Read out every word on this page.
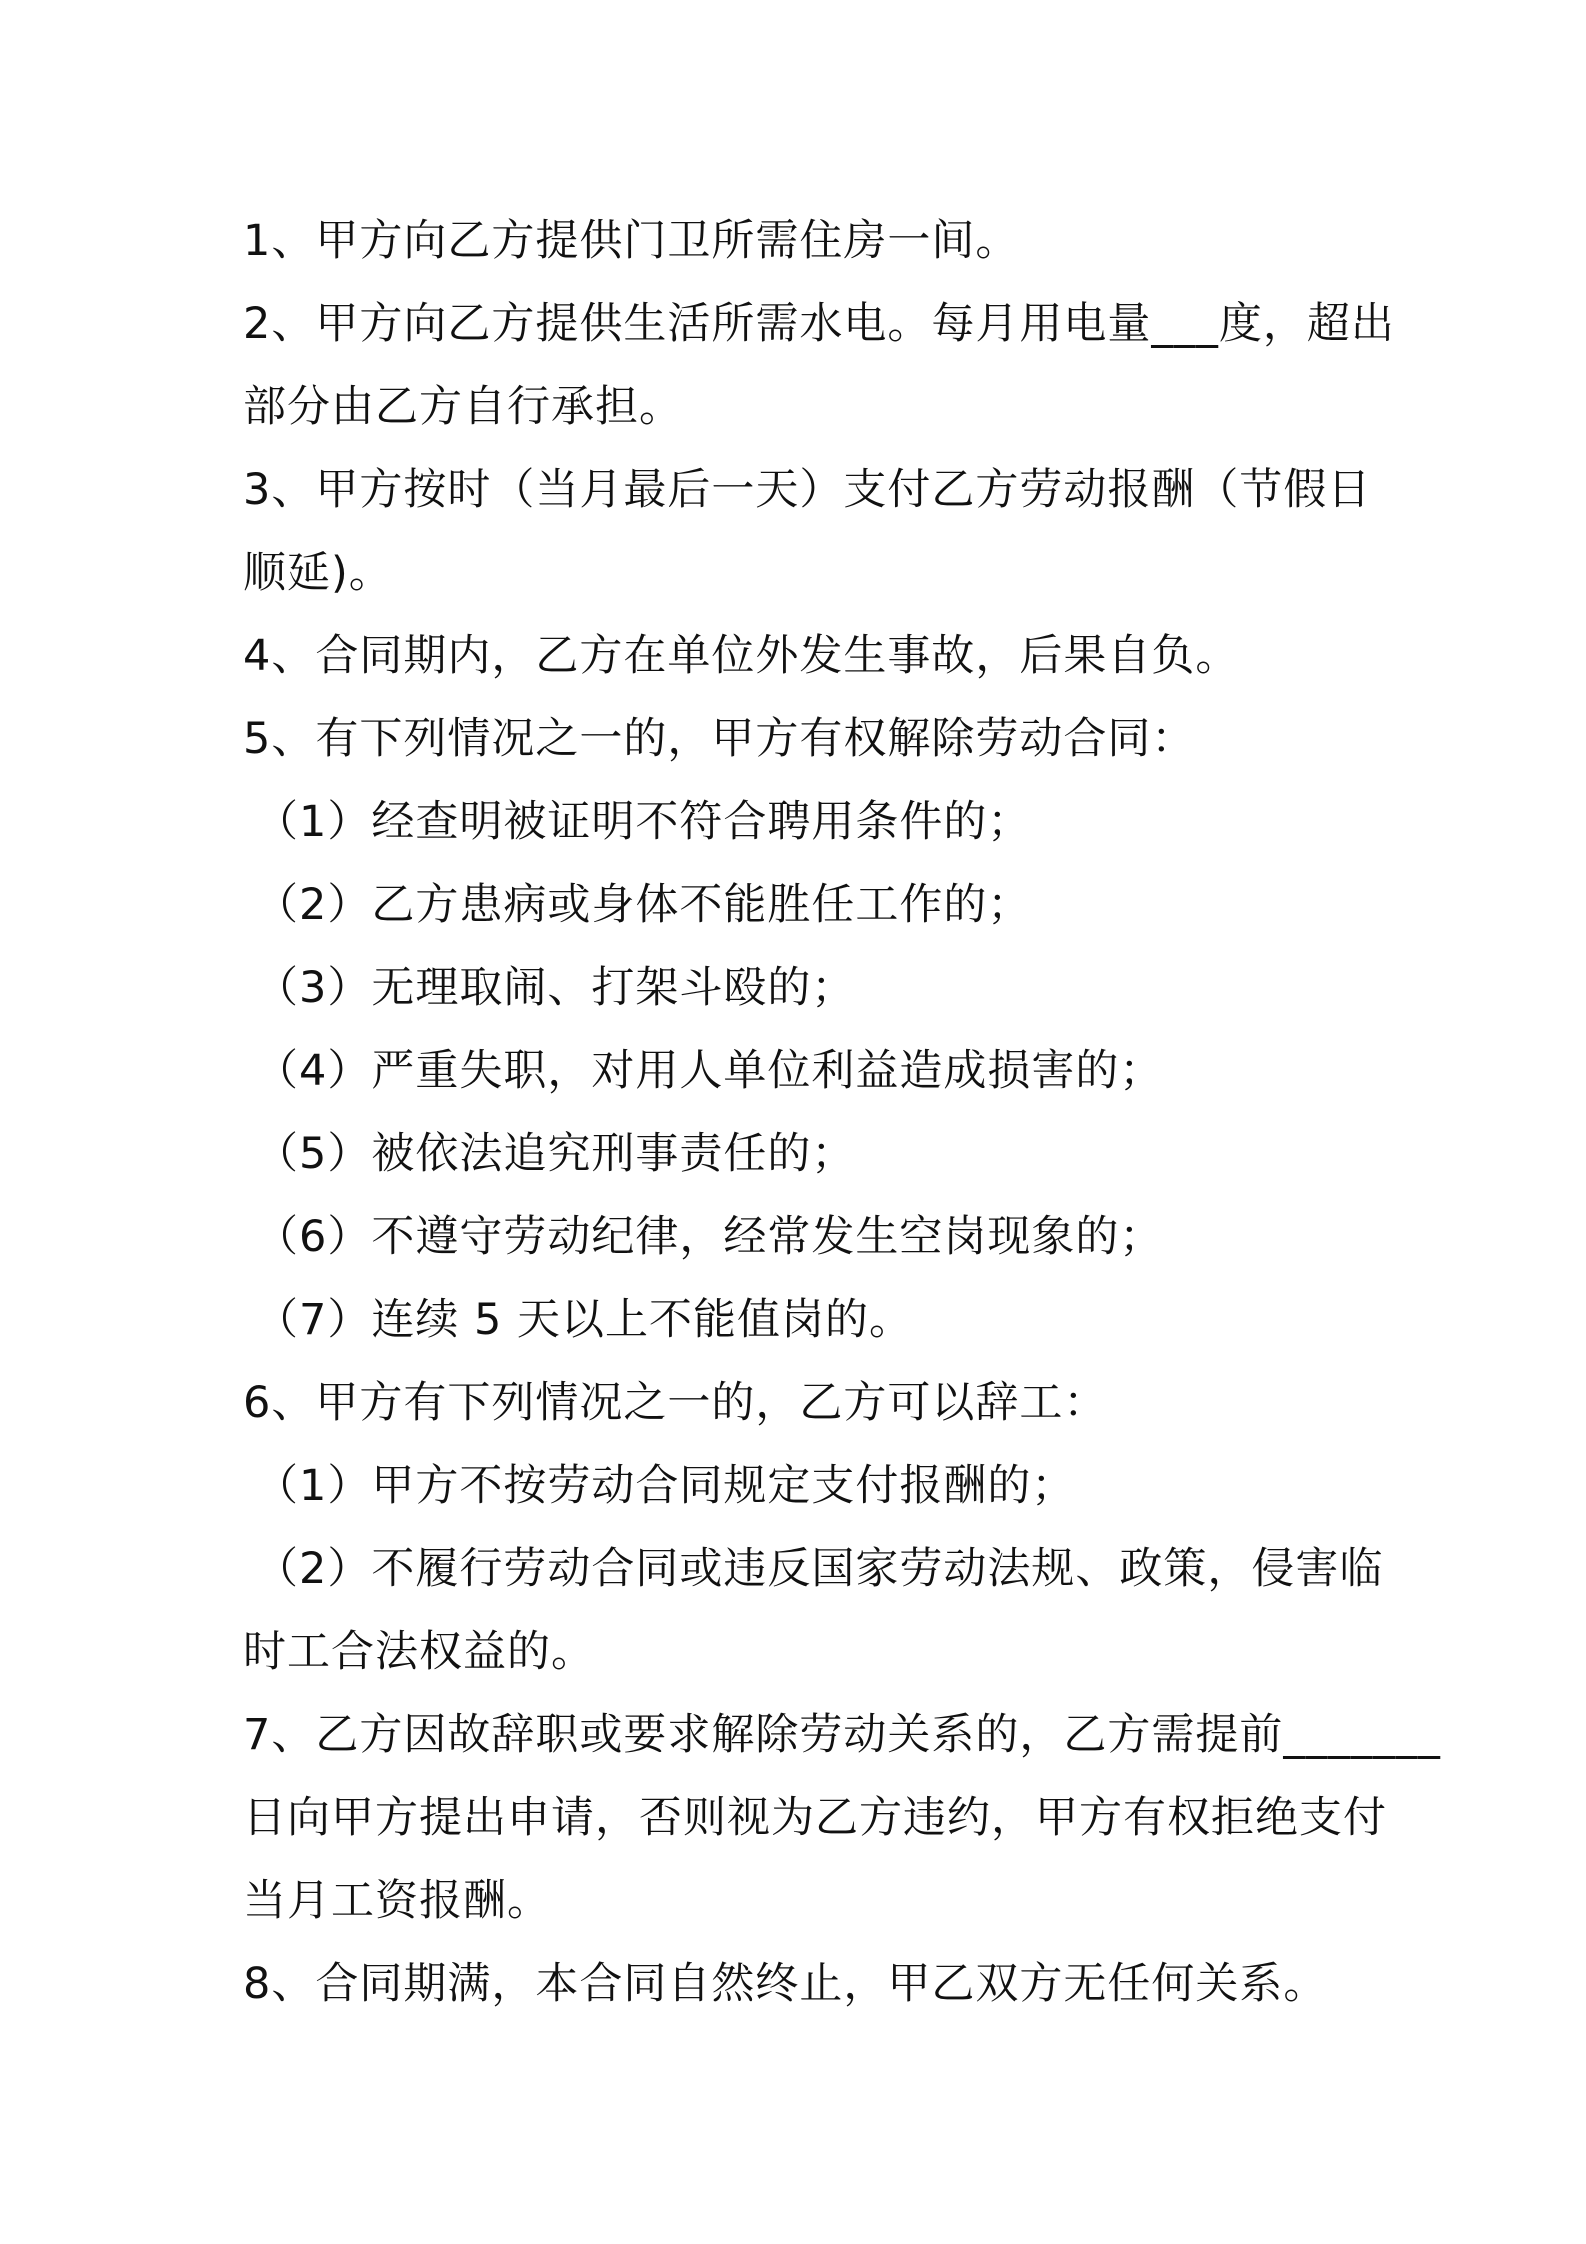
1、甲方向乙方提供门卫所需住房一间。
2、甲方向乙方提供生活所需水电。每月用电量___度，超出
部分由乙方自行承担。
3、甲方按时（当月最后一天）支付乙方劳动报酬（节假日
顺延)。
4、合同期内，乙方在单位外发生事故，后果自负。
5、有下列情况之一的，甲方有权解除劳动合同：
（1）经查明被证明不符合聘用条件的；
（2）乙方患病或身体不能胜任工作的；
（3）无理取闹、打架斗殴的；
（4）严重失职，对用人单位利益造成损害的；
（5）被依法追究刑事责任的；
（6）不遵守劳动纪律，经常发生空岗现象的；
（7）连续 5 天以上不能值岗的。
6、甲方有下列情况之一的，乙方可以辞工：
（1）甲方不按劳动合同规定支付报酬的；
（2）不履行劳动合同或违反国家劳动法规、政策，侵害临
时工合法权益的。
7、乙方因故辞职或要求解除劳动关系的，乙方需提前_______
日向甲方提出申请，否则视为乙方违约，甲方有权拒绝支付
当月工资报酬。
8、合同期满，本合同自然终止，甲乙双方无任何关系。
